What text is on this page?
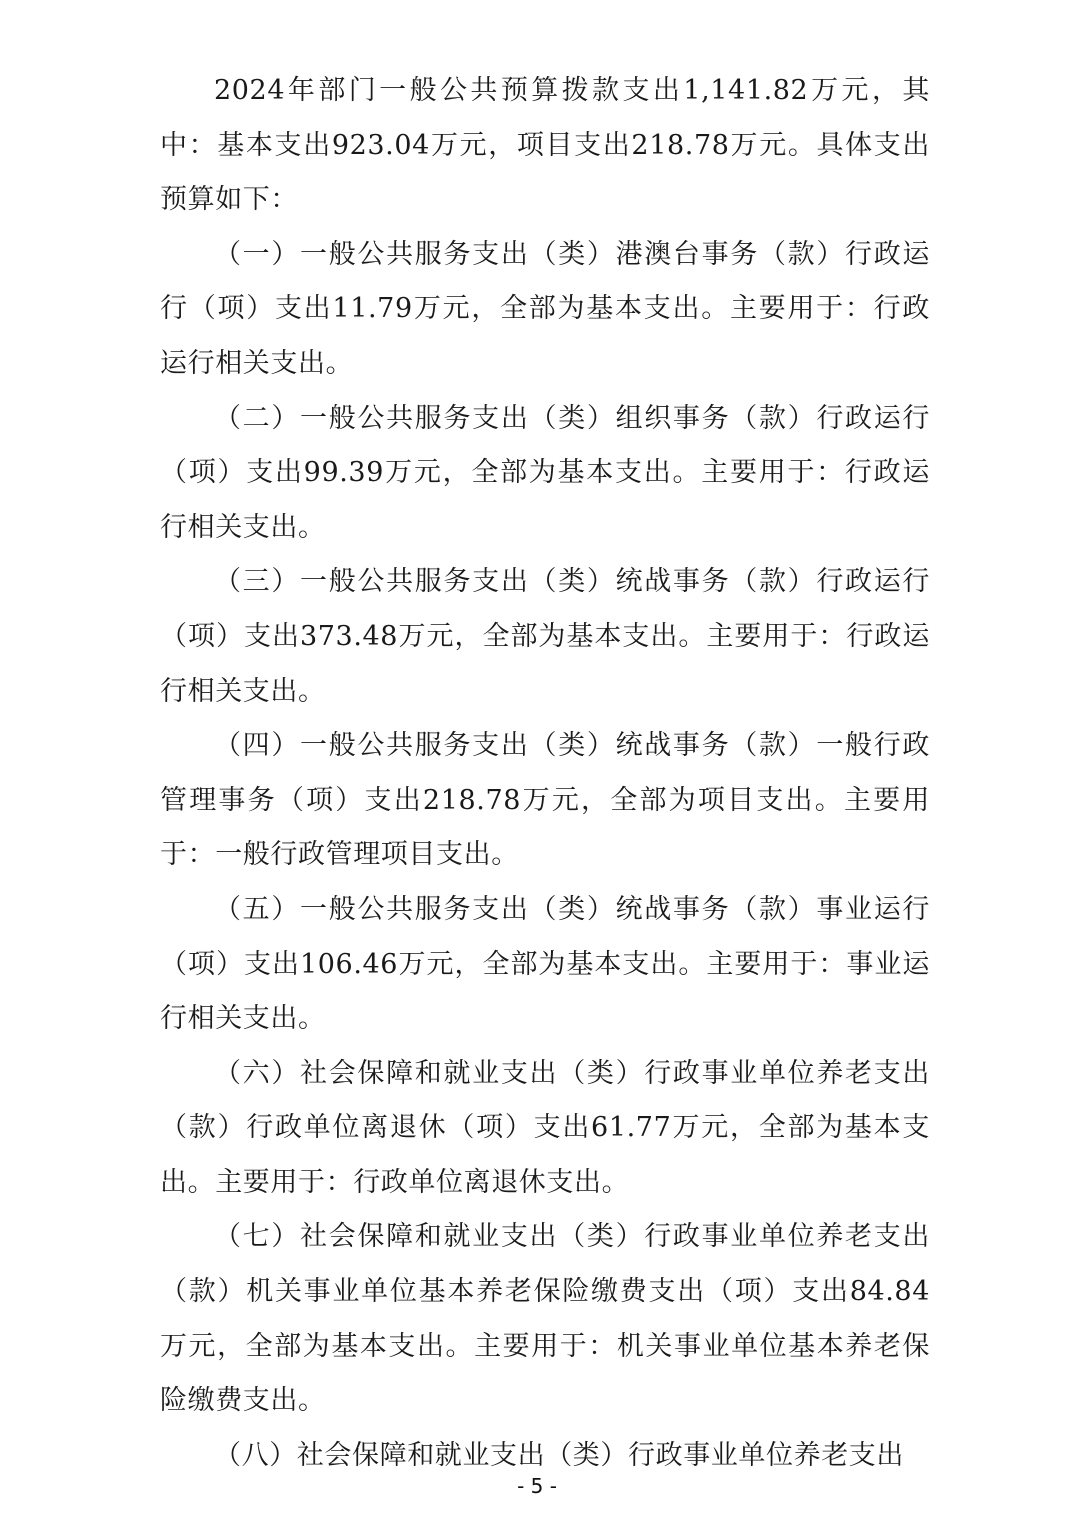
2024年部门一般公共预算拨款支出1,141.82万元，其中：基本支出923.04万元，项目支出218.78万元。具体支出预算如下：

（一）一般公共服务支出（类）港澳台事务（款）行政运行（项）支出11.79万元，全部为基本支出。主要用于：行政运行相关支出。

（二）一般公共服务支出（类）组织事务（款）行政运行（项）支出99.39万元，全部为基本支出。主要用于：行政运行相关支出。

（三）一般公共服务支出（类）统战事务（款）行政运行（项）支出373.48万元，全部为基本支出。主要用于：行政运行相关支出。

（四）一般公共服务支出（类）统战事务（款）一般行政管理事务（项）支出218.78万元，全部为项目支出。主要用于：一般行政管理项目支出。

（五）一般公共服务支出（类）统战事务（款）事业运行（项）支出106.46万元，全部为基本支出。主要用于：事业运行相关支出。

（六）社会保障和就业支出（类）行政事业单位养老支出（款）行政单位离退休（项）支出61.77万元，全部为基本支出。主要用于：行政单位离退休支出。

（七）社会保障和就业支出（类）行政事业单位养老支出（款）机关事业单位基本养老保险缴费支出（项）支出84.84万元，全部为基本支出。主要用于：机关事业单位基本养老保险缴费支出。

（八）社会保障和就业支出（类）行政事业单位养老支出

- 5 -
